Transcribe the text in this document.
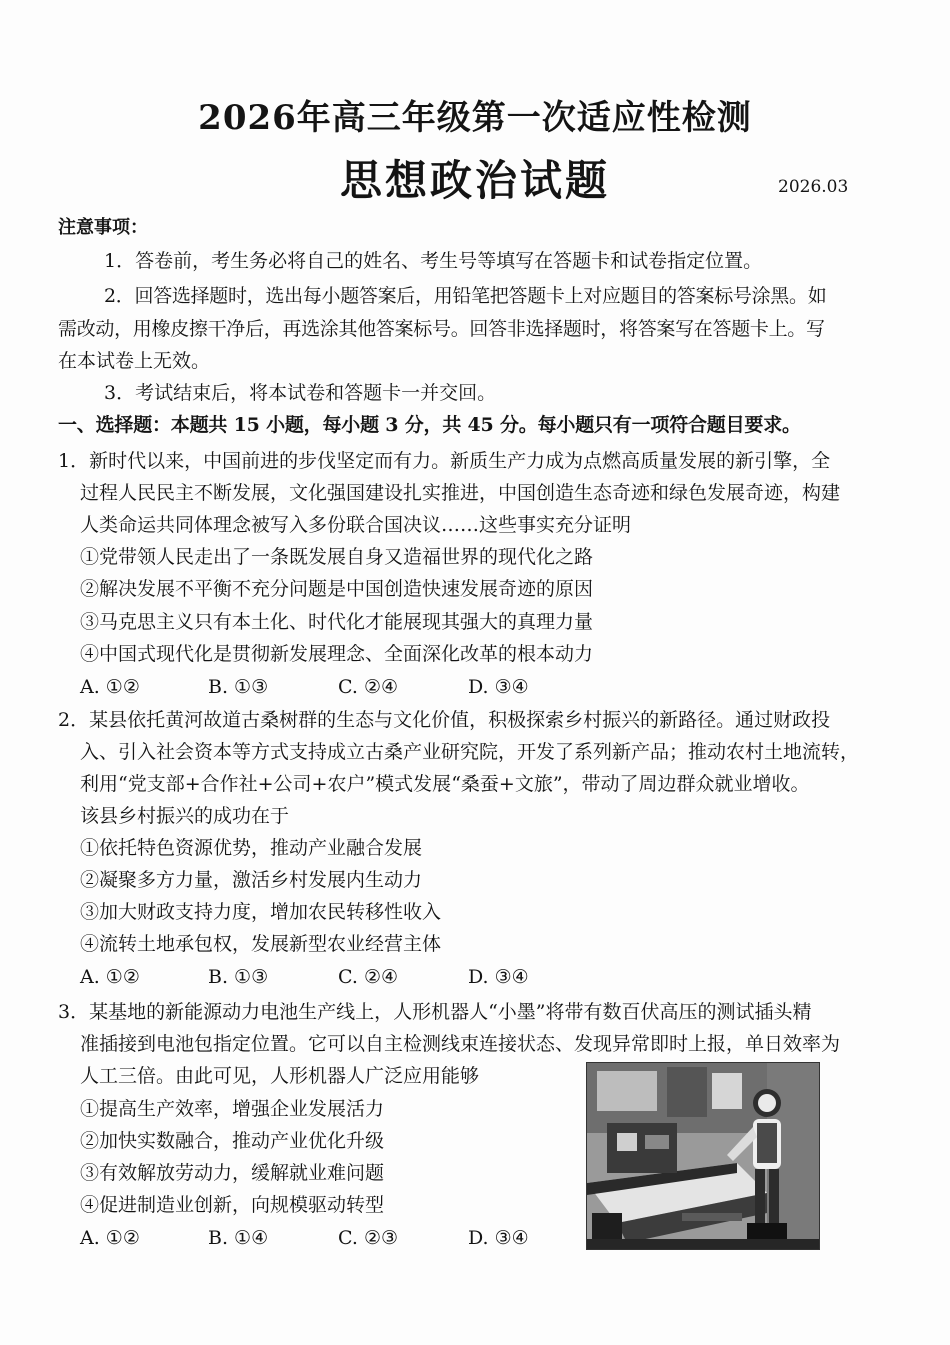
2026年高三年级第一次适应性检测
思想政治试题	2026.03
注意事项：
1．答卷前，考生务必将自己的姓名、考生号等填写在答题卡和试卷指定位置。
2．回答选择题时，选出每小题答案后，用铅笔把答题卡上对应题目的答案标号涂黑。如
需改动，用橡皮擦干净后，再选涂其他答案标号。回答非选择题时，将答案写在答题卡上。写
在本试卷上无效。
3．考试结束后，将本试卷和答题卡一并交回。
一、选择题：本题共 15 小题，每小题 3 分，共 45 分。每小题只有一项符合题目要求。
1．新时代以来，中国前进的步伐坚定而有力。新质生产力成为点燃高质量发展的新引擎，全
过程人民民主不断发展，文化强国建设扎实推进，中国创造生态奇迹和绿色发展奇迹，构建
人类命运共同体理念被写入多份联合国决议……这些事实充分证明
①党带领人民走出了一条既发展自身又造福世界的现代化之路
②解决发展不平衡不充分问题是中国创造快速发展奇迹的原因
③马克思主义只有本土化、时代化才能展现其强大的真理力量
④中国式现代化是贯彻新发展理念、全面深化改革的根本动力
A. ①②	B. ①③	C. ②④	D. ③④
2．某县依托黄河故道古桑树群的生态与文化价值，积极探索乡村振兴的新路径。通过财政投
入、引入社会资本等方式支持成立古桑产业研究院，开发了系列新产品；推动农村土地流转，
利用“党支部+合作社+公司+农户”模式发展“桑蚕+文旅”，带动了周边群众就业增收。
该县乡村振兴的成功在于
①依托特色资源优势，推动产业融合发展
②凝聚多方力量，激活乡村发展内生动力
③加大财政支持力度，增加农民转移性收入
④流转土地承包权，发展新型农业经营主体
A. ①②	B. ①③	C. ②④	D. ③④
3．某基地的新能源动力电池生产线上，人形机器人“小墨”将带有数百伏高压的测试插头精
准插接到电池包指定位置。它可以自主检测线束连接状态、发现异常即时上报，单日效率为
人工三倍。由此可见，人形机器人广泛应用能够
①提高生产效率，增强企业发展活力
②加快实数融合，推动产业优化升级
③有效解放劳动力，缓解就业难问题
④促进制造业创新，向规模驱动转型
A. ①②	B. ①④	C. ②③	D. ③④
